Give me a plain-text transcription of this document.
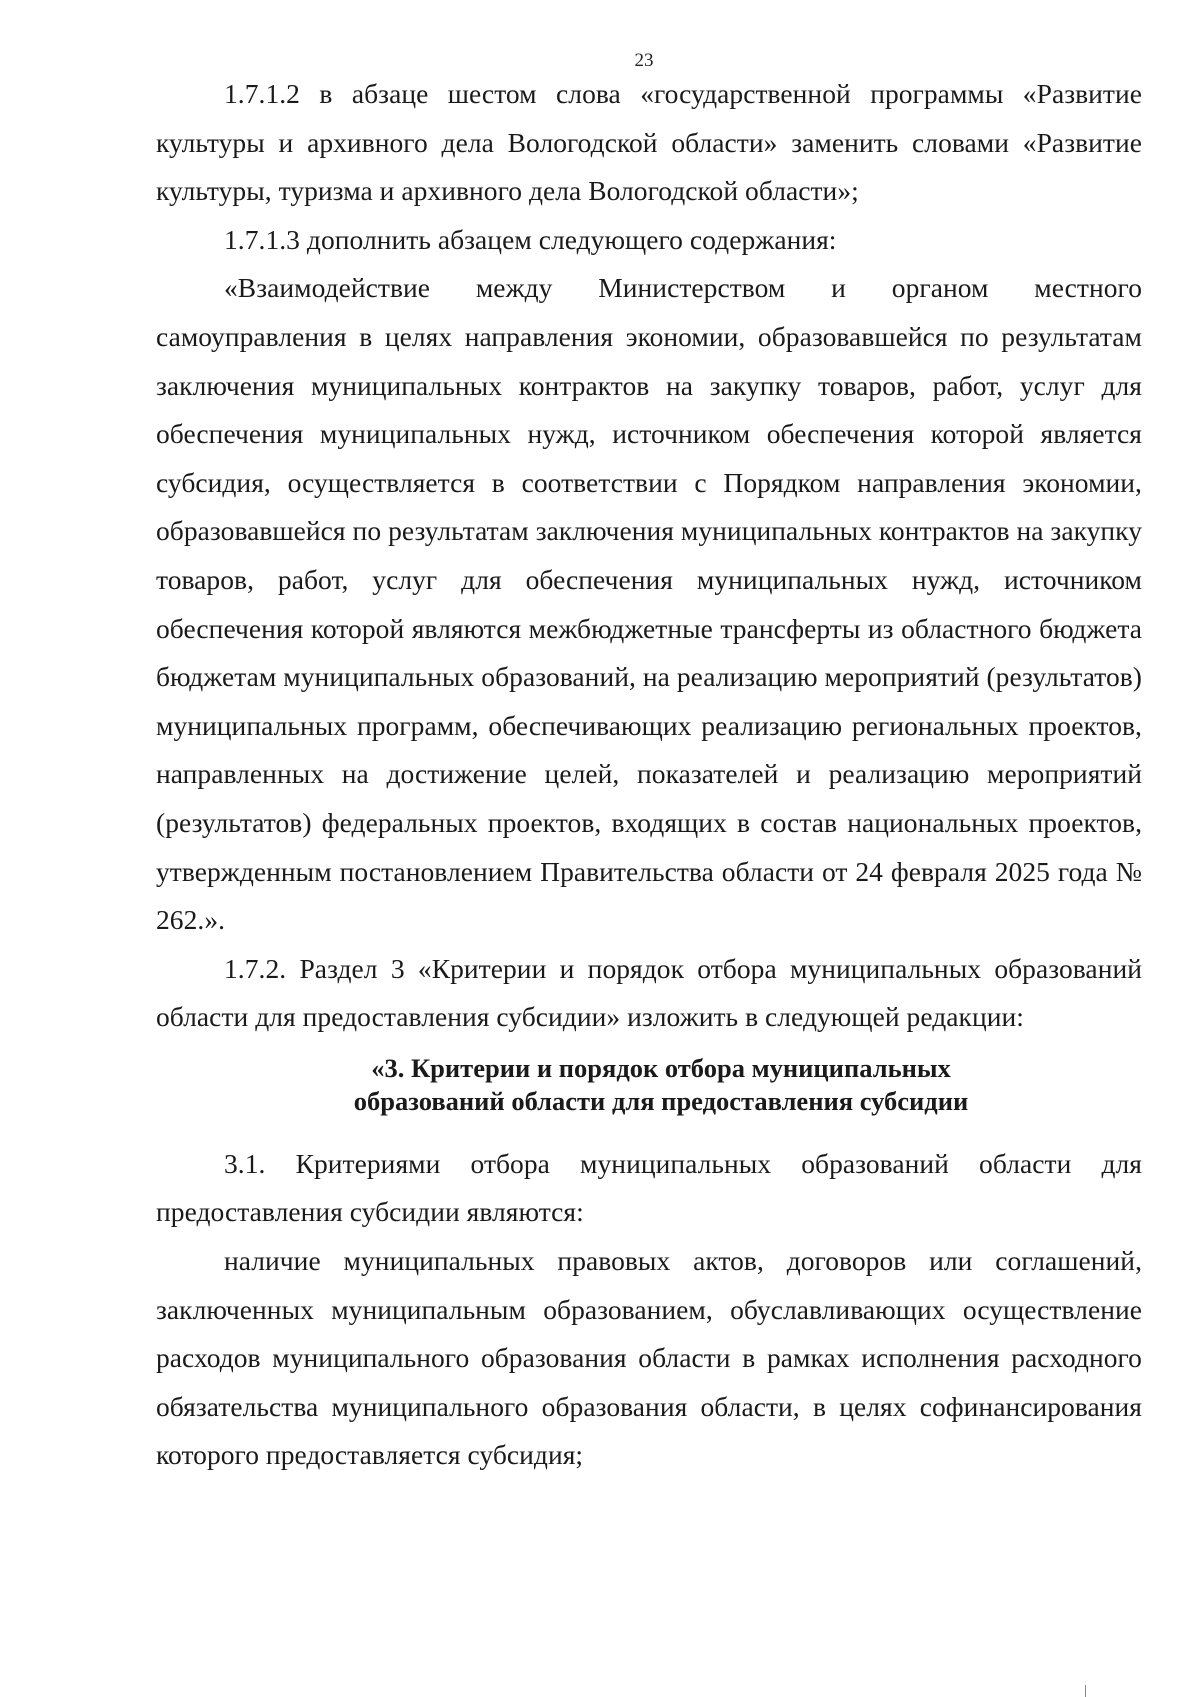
23

1.7.1.2 в абзаце шестом слова «государственной программы «Развитие культуры и архивного дела Вологодской области» заменить словами «Развитие культуры, туризма и архивного дела Вологодской области»;

1.7.1.3 дополнить абзацем следующего содержания:

«Взаимодействие между Министерством и органом местного самоуправления в целях направления экономии, образовавшейся по результатам заключения муниципальных контрактов на закупку товаров, работ, услуг для обеспечения муниципальных нужд, источником обеспечения которой является субсидия, осуществляется в соответствии с Порядком направления экономии, образовавшейся по результатам заключения муниципальных контрактов на закупку товаров, работ, услуг для обеспечения муниципальных нужд, источником обеспечения которой являются межбюджетные трансферты из областного бюджета бюджетам муниципальных образований, на реализацию мероприятий (результатов) муниципальных программ, обеспечивающих реализацию региональных проектов, направленных на достижение целей, показателей и реализацию мероприятий (результатов) федеральных проектов, входящих в состав национальных проектов, утвержденным постановлением Правительства области от 24 февраля 2025 года № 262.».

1.7.2. Раздел 3 «Критерии и порядок отбора муниципальных образований области для предоставления субсидии» изложить в следующей редакции:

«3. Критерии и порядок отбора муниципальных
образований области для предоставления субсидии

3.1. Критериями отбора муниципальных образований области для предоставления субсидии являются:

наличие муниципальных правовых актов, договоров или соглашений, заключенных муниципальным образованием, обуславливающих осуществление расходов муниципального образования области в рамках исполнения расходного обязательства муниципального образования области, в целях софинансирования которого предоставляется субсидия;
